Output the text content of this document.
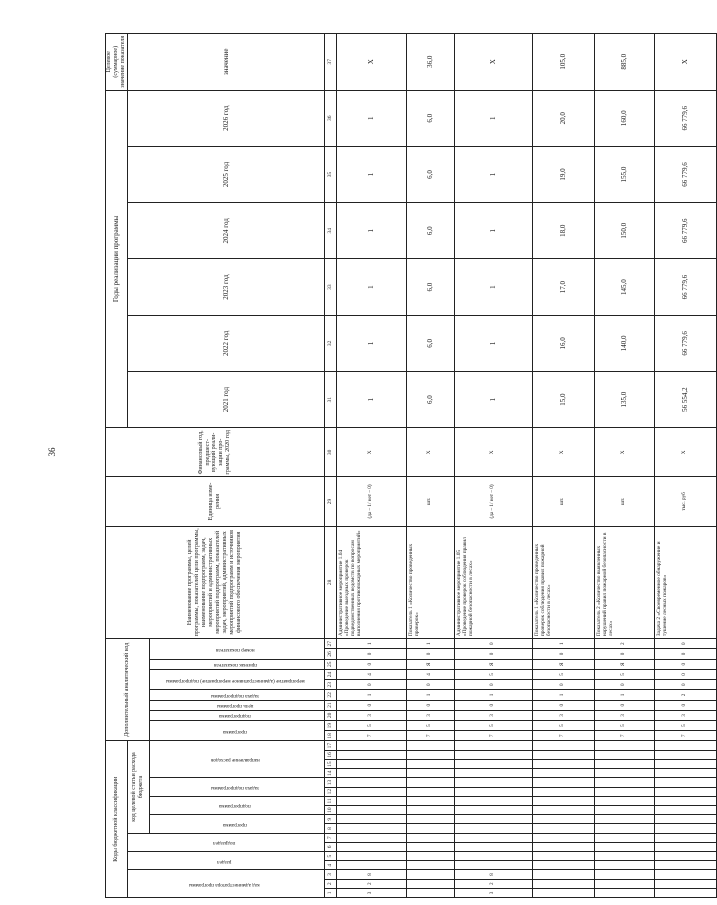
36
Коды бюджетной классификации																	Дополнительный аналитический код										Наименование программы, целей программы, показателей цели программы, наименование подпрограмм, задач, мероприятий и административных мероприятий подпрограмм, показателей задач, мероприятий, административных мероприятий подпрограмм и источников финансового обеспечения мероприятия	Единица изме-рения	Финансовый год, предшест-вующий реали-зации про-граммы, 2020 год	Годы реализации программы						Целевое (суммарное) значение показателя
код администратора программы			раздел		подраздел		код целевой статьи расхода бюджета																							2021 год	2022 год	2023 год	2024 год	2025 год	2026 год	значение
							программа		подпрограмма		задача подпрограммы		направление расходов				программа		подпрограмма	цель программы	задача подпрограммы	мероприятие (административное мероприятие) подпрограммы		признак показателя	номер показателя											
1	2	3	4	5	6	7	8	9	10	11	12	13	14	15	16	17	18	19	20	21	22	23	24	25	26	27	28	29	30	31	32	33	34	35	36	37
3	2	8															7	5	3	0	1	0	4	0	0	1	Административное мероприятие 1.04 «Проведение выездных проверок подведомственных ведомств по вопросам выполнения противопожарных мероприятий»	(да – 1/ нет – 0)	Х	1	1	1	1	1	1	Х
																	7	5	3	0	1	0	4	Я	0	1	Показатель 1 «Количество проведенных проверок»	шт.	Х	6,0	6,0	6,0	6,0	6,0	6,0	36,0
3	2	8															7	5	3	0	1	0	5	Я	0	0	Административное мероприятие 1.05 «Проведение проверок соблюдения правил пожарной безопасности в лесах»	(да – 1/ нет – 0)	Х	1	1	1	1	1	1	Х
																	7	5	3	0	1	0	5	Я	0	1	Показатель 1 «Количество проведенных проверок соблюдения правил пожарной безопасности в лесах»	шт.	Х	15,0	16,0	17,0	18,0	19,0	20,0	105,0
																	7	5	3	0	1	0	5	Я	0	2	Показатель 2 «Количество выявленных нарушений правил пожарной безопасности в лесах»	шт.	Х	135,0	140,0	145,0	150,0	155,0	160,0	885,0
																	7	5	3	0	2	0	0	0	0	0	Задача 2 «Своевременное обнаружение и тушение лесных пожаров»	тыс. руб	Х	56 554,2	66 779,6	66 779,6	66 779,6	66 779,6	66 779,6	Х
